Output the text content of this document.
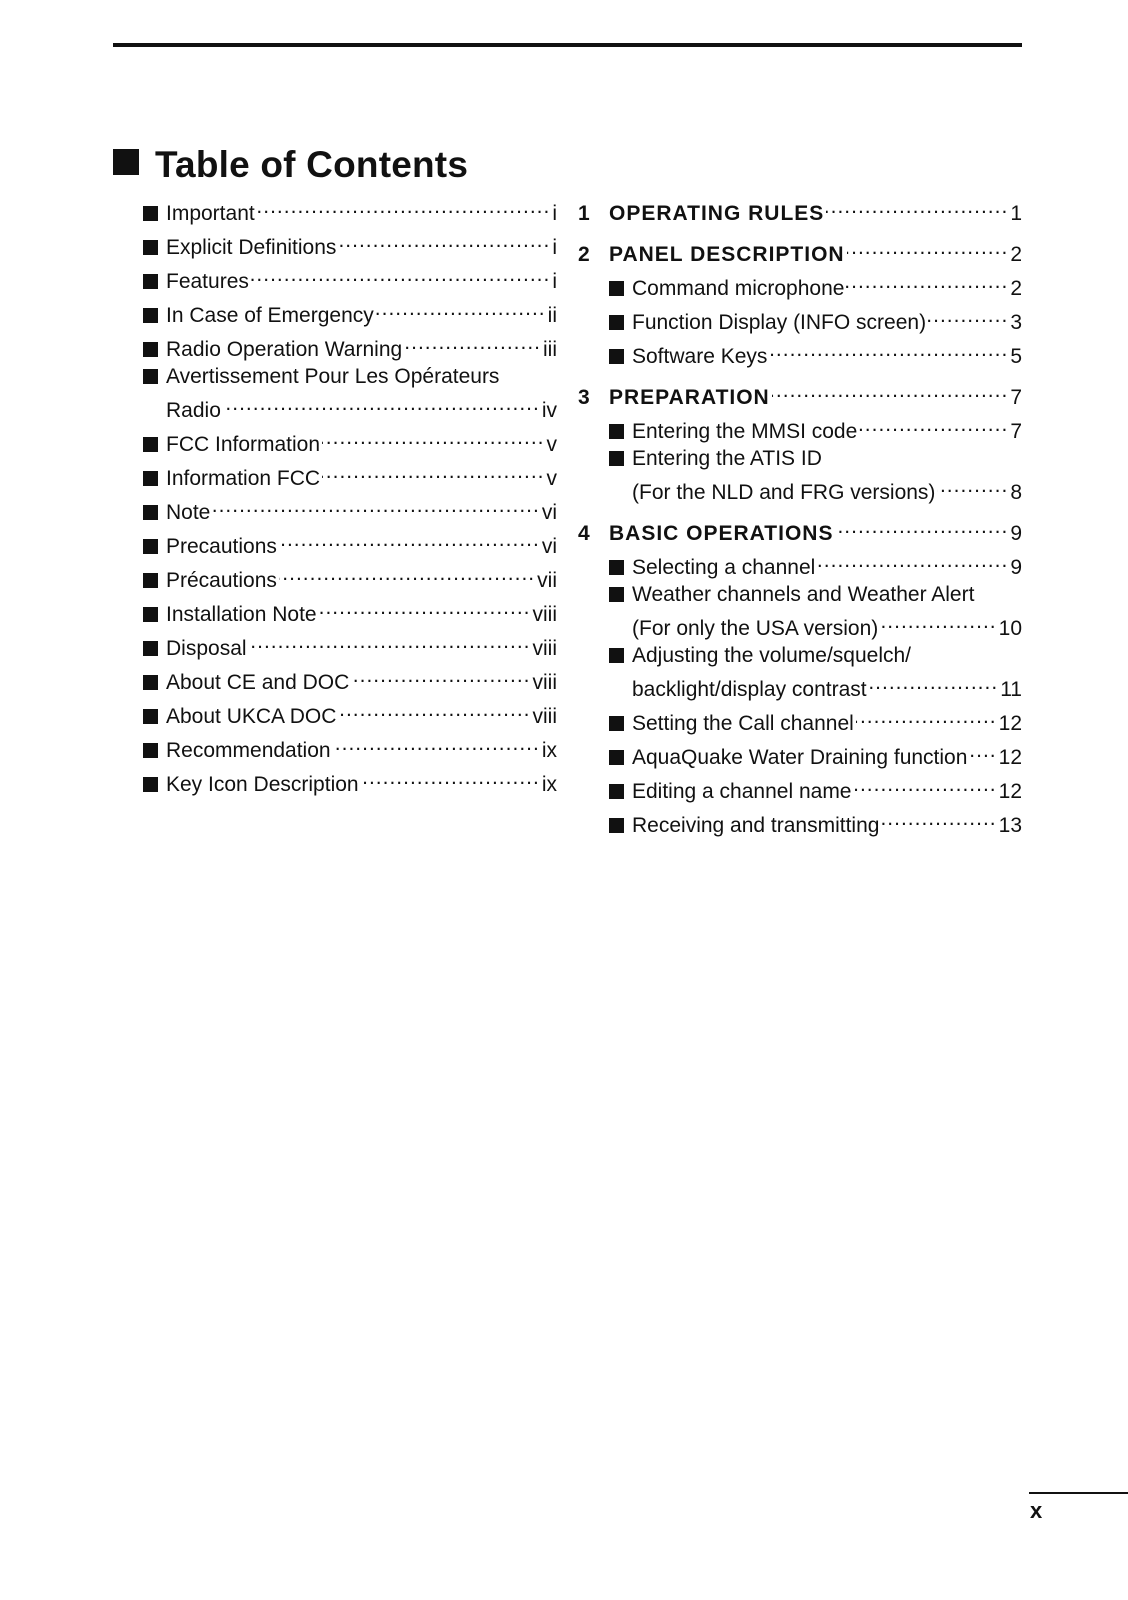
Table of Contents
Important .....	i
Explicit Definitions .....	i
Features .....	i
In Case of Emergency .....	ii
Radio Operation Warning .....	iii
Avertissement Pour Les Opérateurs
Radio .....	iv
FCC Information .....	v
Information FCC .....	v
Note .....	vi
Precautions .....	vi
Précautions .....	vii
Installation Note .....	viii
Disposal .....	viii
About CE and DOC .....	viii
About UKCA DOC .....	viii
Recommendation .....	ix
Key Icon Description .....	ix
1 OPERATING RULES .....	1
2 PANEL DESCRIPTION .....	2
Command microphone .....	2
Function Display (INFO screen) .....	3
Software Keys .....	5
3 PREPARATION .....	7
Entering the MMSI code .....	7
Entering the ATIS ID
(For the NLD and FRG versions) .....	8
4 BASIC OPERATIONS .....	9
Selecting a channel .....	9
Weather channels and Weather Alert
(For only the USA version) .....	10
Adjusting the volume/squelch/
backlight/display contrast .....	11
Setting the Call channel .....	12
AquaQuake Water Draining function ..... 12
Editing a channel name .....	12
Receiving and transmitting .....	13
x
